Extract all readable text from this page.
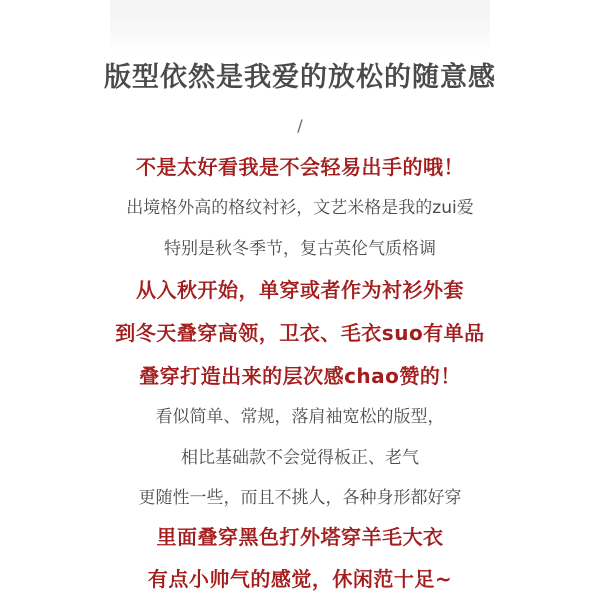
版型依然是我爱的放松的随意感
/
不是太好看我是不会轻易出手的哦！
出境格外高的格纹衬衫，文艺米格是我的zui爱
特别是秋冬季节，复古英伦气质格调
从入秋开始，单穿或者作为衬衫外套
到冬天叠穿高领，卫衣、毛衣suo有单品
叠穿打造出来的层次感chao赞的！
看似简单、常规，落肩袖宽松的版型，
相比基础款不会觉得板正、老气
更随性一些，而且不挑人，各种身形都好穿
里面叠穿黑色打外塔穿羊毛大衣
有点小帅气的感觉，休闲范十足~
